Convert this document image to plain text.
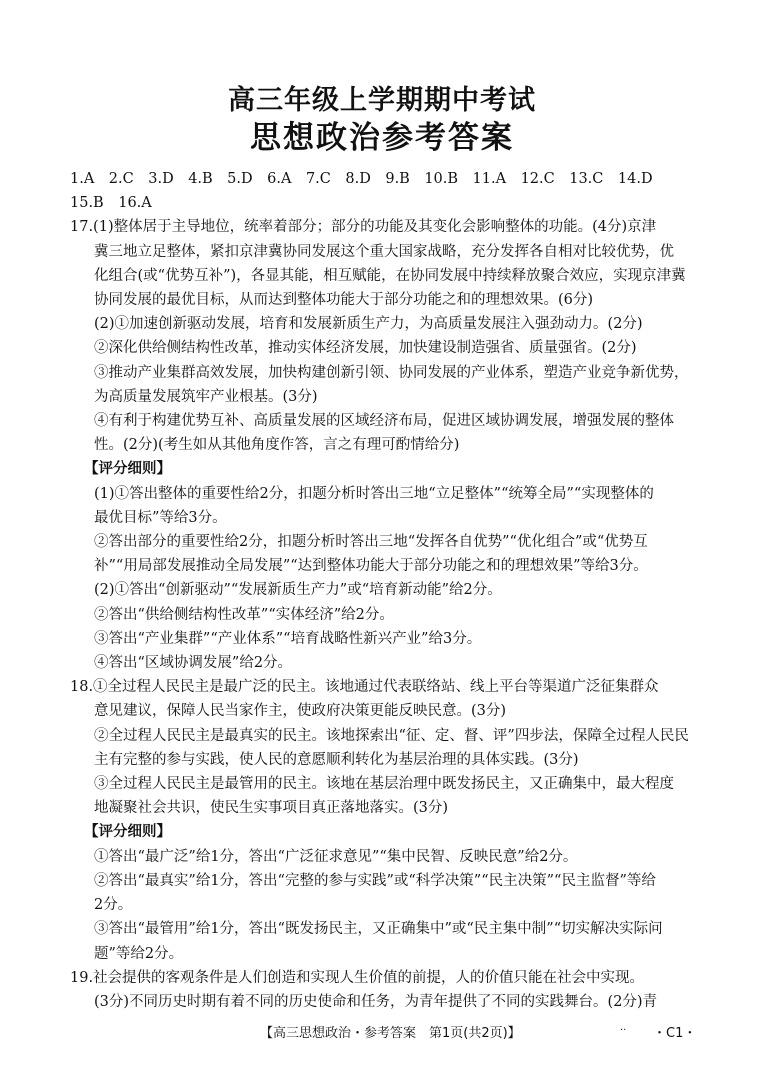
高三年级上学期期中考试
思想政治参考答案
1.A　2.C　3.D　4.B　5.D　6.A　7.C　8.D　9.B　10.B　11.A　12.C　13.C　14.D
15.B　16.A
17.(1)整体居于主导地位，统率着部分；部分的功能及其变化会影响整体的功能。(4分)京津
冀三地立足整体，紧扣京津冀协同发展这个重大国家战略，充分发挥各自相对比较优势，优
化组合(或“优势互补”)，各显其能，相互赋能，在协同发展中持续释放聚合效应，实现京津冀
协同发展的最优目标，从而达到整体功能大于部分功能之和的理想效果。(6分)
(2)①加速创新驱动发展，培育和发展新质生产力，为高质量发展注入强劲动力。(2分)
②深化供给侧结构性改革，推动实体经济发展，加快建设制造强省、质量强省。(2分)
③推动产业集群高效发展，加快构建创新引领、协同发展的产业体系，塑造产业竞争新优势，
为高质量发展筑牢产业根基。(3分)
④有利于构建优势互补、高质量发展的区域经济布局，促进区域协调发展，增强发展的整体
性。(2分)(考生如从其他角度作答，言之有理可酌情给分)
【评分细则】
(1)①答出整体的重要性给2分，扣题分析时答出三地“立足整体”“统筹全局”“实现整体的
最优目标”等给3分。
②答出部分的重要性给2分，扣题分析时答出三地“发挥各自优势”“优化组合”或“优势互
补”“用局部发展推动全局发展”“达到整体功能大于部分功能之和的理想效果”等给3分。
(2)①答出“创新驱动”“发展新质生产力”或“培育新动能”给2分。
②答出“供给侧结构性改革”“实体经济”给2分。
③答出“产业集群”“产业体系”“培育战略性新兴产业”给3分。
④答出“区域协调发展”给2分。
18.①全过程人民民主是最广泛的民主。该地通过代表联络站、线上平台等渠道广泛征集群众
意见建议，保障人民当家作主，使政府决策更能反映民意。(3分)
②全过程人民民主是最真实的民主。该地探索出“征、定、督、评”四步法，保障全过程人民民
主有完整的参与实践，使人民的意愿顺利转化为基层治理的具体实践。(3分)
③全过程人民民主是最管用的民主。该地在基层治理中既发扬民主，又正确集中，最大程度
地凝聚社会共识，使民生实事项目真正落地落实。(3分)
【评分细则】
①答出“最广泛”给1分，答出“广泛征求意见”“集中民智、反映民意”给2分。
②答出“最真实”给1分，答出“完整的参与实践”或“科学决策”“民主决策”“民主监督”等给
2分。
③答出“最管用”给1分，答出“既发扬民主，又正确集中”或“民主集中制”“切实解决实际问
题”等给2分。
19.社会提供的客观条件是人们创造和实现人生价值的前提，人的价值只能在社会中实现。
(3分)不同历史时期有着不同的历史使命和任务，为青年提供了不同的实践舞台。(2分)青
【高三思想政治・参考答案　第1页(共2页)】	.. ・C1・
